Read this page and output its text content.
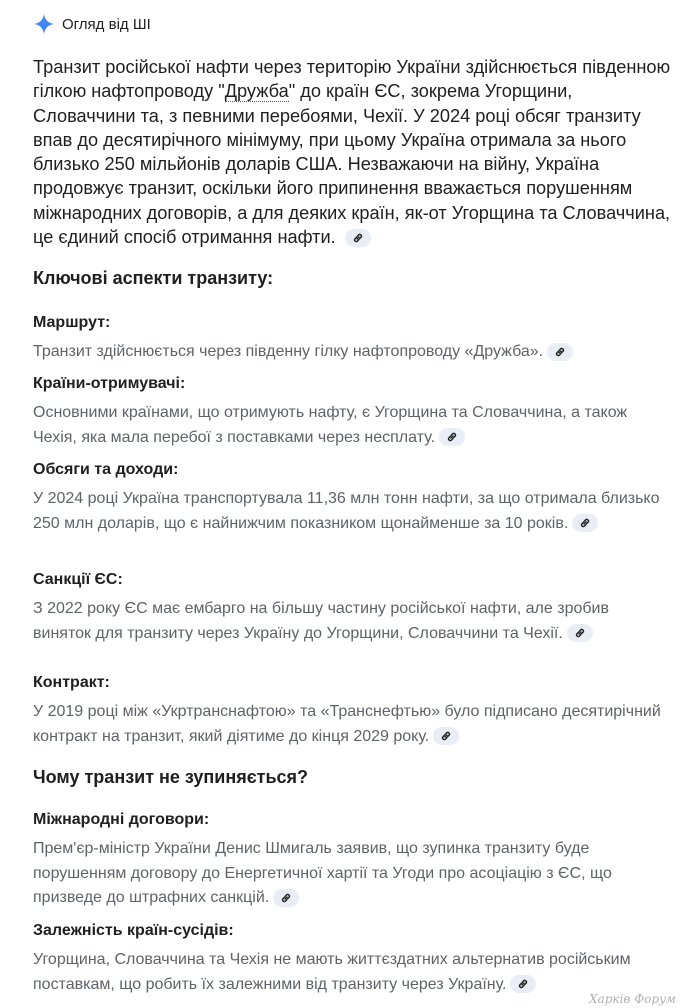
Огляд від ШІ
Транзит російської нафти через територію України здійснюється південною гілкою нафтопроводу "Дружба" до країн ЄС, зокрема Угорщини, Словаччини та, з певними перебоями, Чехії. У 2024 році обсяг транзиту впав до десятирічного мінімуму, при цьому Україна отримала за нього близько 250 мільйонів доларів США. Незважаючи на війну, Україна продовжує транзит, оскільки його припинення вважається порушенням міжнародних договорів, а для деяких країн, як-от Угорщина та Словаччина, це єдиний спосіб отримання нафти.
Ключові аспекти транзиту:
Маршрут:
Транзит здійснюється через південну гілку нафтопроводу «Дружба».
Країни-отримувачі:
Основними країнами, що отримують нафту, є Угорщина та Словаччина, а також Чехія, яка мала перебої з поставками через несплату.
Обсяги та доходи:
У 2024 році Україна транспортувала 11,36 млн тонн нафти, за що отримала близько 250 млн доларів, що є найнижчим показником щонайменше за 10 років.
Санкції ЄС:
З 2022 року ЄС має ембарго на більшу частину російської нафти, але зробив виняток для транзиту через Україну до Угорщини, Словаччини та Чехії.
Контракт:
У 2019 році між «Укртранснафтою» та «Транснефтью» було підписано десятирічний контракт на транзит, який діятиме до кінця 2029 року.
Чому транзит не зупиняється?
Міжнародні договори:
Прем'єр-міністр України Денис Шмигаль заявив, що зупинка транзиту буде порушенням договору до Енергетичної хартії та Угоди про асоціацію з ЄС, що призведе до штрафних санкцій.
Залежність країн-сусідів:
Угорщина, Словаччина та Чехія не мають життєздатних альтернатив російським поставкам, що робить їх залежними від транзиту через Україну.
Харків Форум
